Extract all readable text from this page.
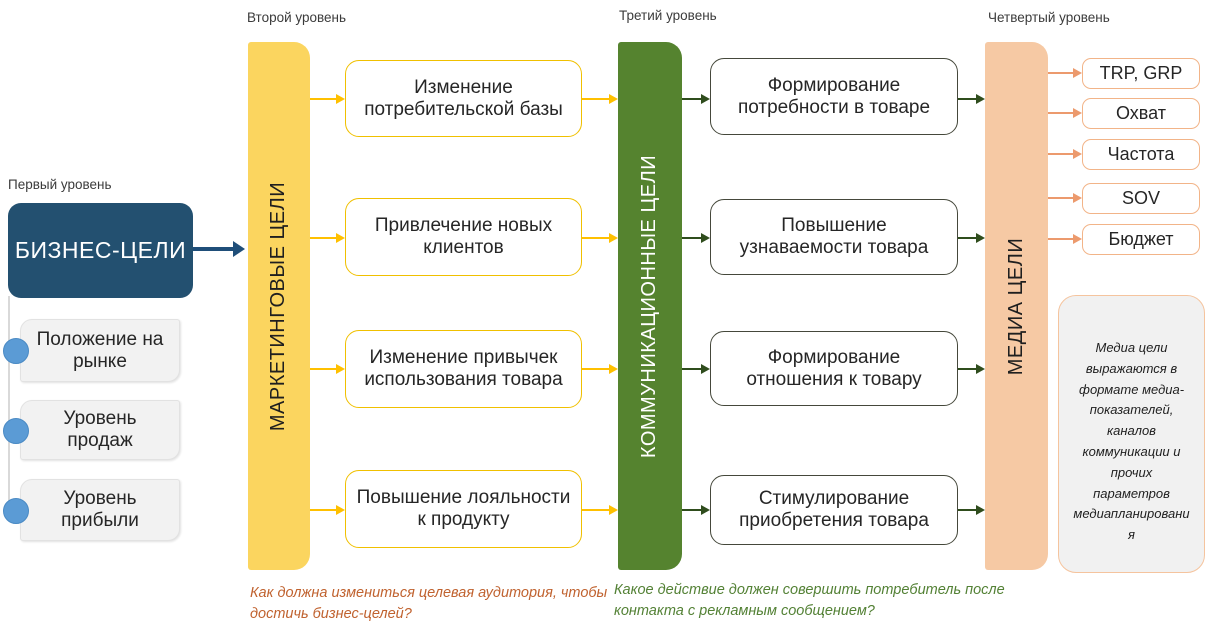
Первый уровень
Второй уровень	Третий уровень	Четвертый уровень
БИЗНЕС-ЦЕЛИ
Положение на рынке
Уровень продаж
Уровень прибыли
МАРКЕТИНГОВЫЕ ЦЕЛИ
Изменение потребительской базы
Привлечение новых клиентов
Изменение привычек использования товара
Повышение лояльности к продукту
КОММУНИКАЦИОННЫЕ ЦЕЛИ
Формирование потребности в товаре
Повышение узнаваемости товара
Формирование отношения к товару
Стимулирование приобретения товара
МЕДИА ЦЕЛИ
TRP, GRP
Охват
Частота
SOV
Бюджет
Медиа цели выражаются в формате медиа-показателей, каналов коммуникации и прочих параметров медиапланирования
Как должна измениться целевая аудитория, чтобы достичь бизнес-целей?
Какое действие должен совершить потребитель после контакта с рекламным сообщением?
